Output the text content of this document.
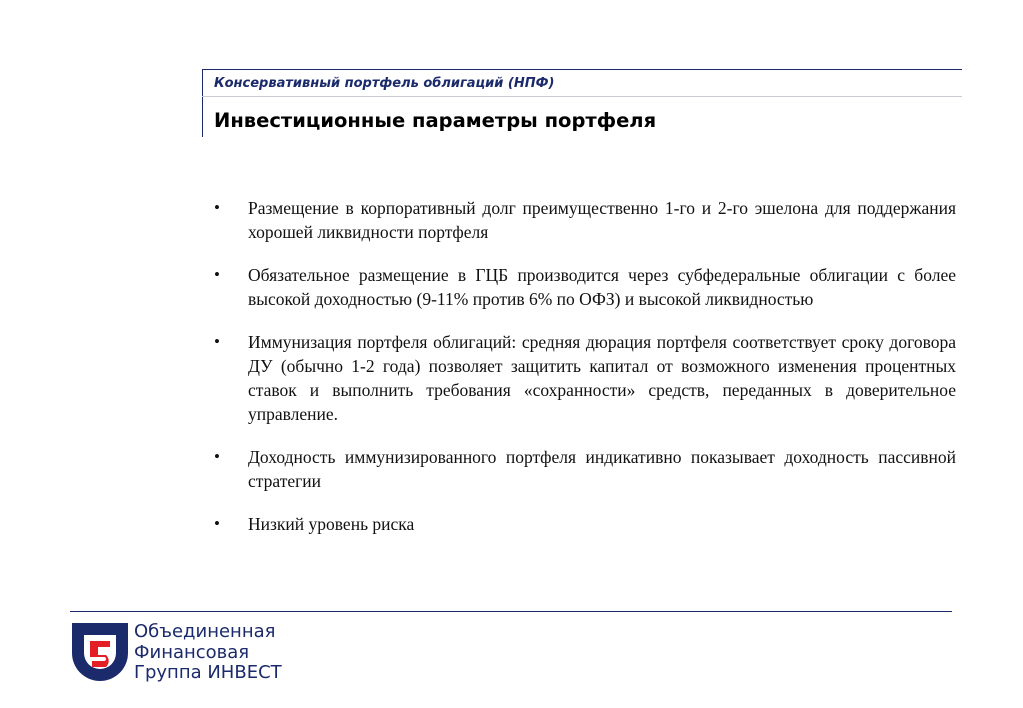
Консервативный портфель облигаций (НПФ)
Инвестиционные параметры портфеля
• Размещение в корпоративный долг преимущественно 1-го и 2-го эшелона для поддержания хорошей ликвидности портфеля
• Обязательное размещение в ГЦБ производится через субфедеральные облигации с более высокой доходностью (9-11% против 6% по ОФЗ) и высокой ликвидностью
• Иммунизация портфеля облигаций: средняя дюрация портфеля соответствует сроку договора ДУ (обычно 1-2 года) позволяет защитить капитал от возможного изменения процентных ставок и выполнить требования «сохранности» средств, переданных в доверительное управление.
• Доходность иммунизированного портфеля индикативно показывает доходность пассивной стратегии
• Низкий уровень риска
Объединенная
Финансовая
Группа ИНВЕСТ
